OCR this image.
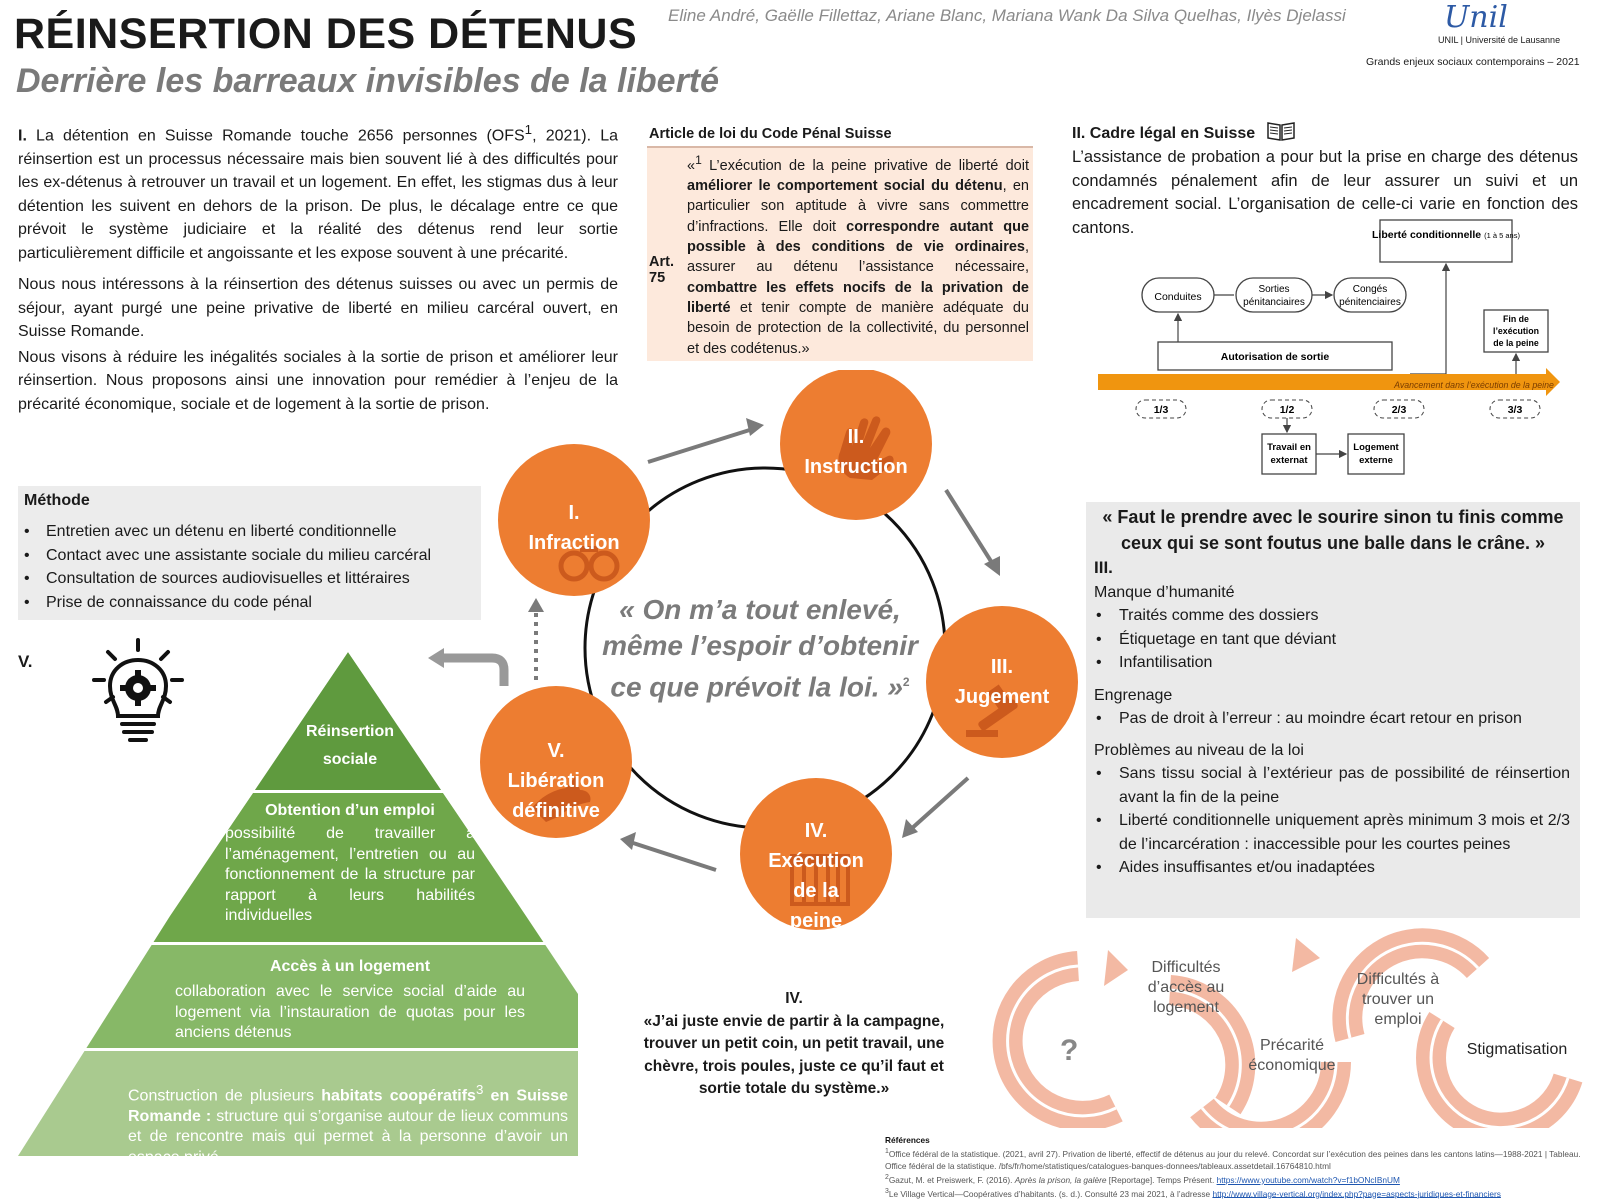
RÉINSERTION DES DÉTENUS
Derrière les barreaux invisibles de la liberté
Eline André, Gaëlle Fillettaz, Ariane Blanc, Mariana Wank Da Silva Quelhas, Ilyès Djelassi	Unil
UNIL | Université de Lausanne
Grands enjeux sociaux contemporains – 2021

I. La détention en Suisse Romande touche 2656 personnes (OFS$^1$, 2021). La réinsertion est un processus nécessaire mais bien souvent lié à des difficultés pour les ex-détenus à retrouver un travail et un logement. En effet, les stigmas dus à leur détention les suivent en dehors de la prison. De plus, le décalage entre ce que prévoit le système judiciaire et la réalité des détenus rend leur sortie particulièrement difficile et angoissante et les expose souvent à une précarité.

Nous nous intéressons à la réinsertion des détenus suisses ou avec un permis de séjour, ayant purgé une peine privative de liberté en milieu carcéral ouvert, en Suisse Romande.

Nous visons à réduire les inégalités sociales à la sortie de prison et améliorer leur réinsertion. Nous proposons ainsi une innovation pour remédier à l’enjeu de la précarité économique, sociale et de logement à la sortie de prison.

Article de loi du Code Pénal Suisse
Art. 75
«$^1$ L’exécution de la peine privative de liberté doit améliorer le comportement social du détenu, en particulier son aptitude à vivre sans commettre d’infractions. Elle doit correspondre autant que possible à des conditions de vie ordinaires, assurer au détenu l’assistance nécessaire, combattre les effets nocifs de la privation de liberté et tenir compte de manière adéquate du besoin de protection de la collectivité, du personnel et des codétenus.»
II. Cadre légal en Suisse
L’assistance de probation a pour but la prise en charge des détenus condamnés pénalement afin de leur assurer un suivi et un encadrement social. L’organisation de celle-ci varie en fonction des cantons.	Liberté conditionnelle (1 à 5 ans)
Conduites
Sorties
pénitanciaires
Congés
pénitenciaires
Fin de
l’exécution
de la peine
Autorisation de sortie
Avancement dans l’exécution de la peine
1/3	1/2	2/3	3/3
Travail en
externat
Logement
externe
Méthode
• Entretien avec un détenu en liberté conditionnelle
• Contact avec une assistante sociale du milieu carcéral
• Consultation de sources audiovisuelles et littéraires
• Prise de connaissance du code pénal
V.
Réinsertion
sociale
Obtention d’un emploi
possibilité de travailler à l’aménagement, l’entretien ou au fonctionnement de la structure par rapport à leurs habilités individuelles
Accès à un logement
collaboration avec le service social d’aide au logement via l’instauration de quotas pour les anciens détenus
Construction de plusieurs habitats coopératifs$^3$ en Suisse Romande : structure qui s’organise autour de lieux communs et de rencontre mais qui permet à la personne d’avoir un espace privé
« On m’a tout enlevé, même l’espoir d’obtenir ce que prévoit la loi. »$^2$
I.
Infraction
II.
Instruction
III.
Jugement
IV.
Exécution
de la
peine
V.
Libération
définitive
« Faut le prendre avec le sourire sinon tu finis comme ceux qui se sont foutus une balle dans le crâne. »
III.
Manque d’humanité
• Traités comme des dossiers
• Étiquetage en tant que déviant
• Infantilisation
Engrenage
• Pas de droit à l’erreur : au moindre écart retour en prison
Problèmes au niveau de la loi
• Sans tissu social à l’extérieur pas de possibilité de réinsertion avant la fin de la peine
• Liberté conditionnelle uniquement après minimum 3 mois et 2/3 de l’incarcération : inaccessible pour les courtes peines
• Aides insuffisantes et/ou inadaptées
IV.
«J’ai juste envie de partir à la campagne, trouver un petit coin, un petit travail, une chèvre, trois poules, juste ce qu’il faut et sortie totale du système.»
?
Difficultés d’accès au logement
Précarité économique
Difficultés à trouver un emploi
Stigmatisation
Références
$^1$Office fédéral de la statistique. (2021, avril 27). Privation de liberté, effectif de détenus au jour du relevé. Concordat sur l’exécution des peines dans les cantons latins—1988-2021 | Tableau. Office fédéral de la statistique. /bfs/fr/home/statistiques/catalogues-banques-donnees/tableaux.assetdetail.16764810.html
$^2$Gazut, M. et Preiswerk, F. (2016). Après la prison, la galère [Reportage]. Temps Présent. https://www.youtube.com/watch?v=f1bONcIBnUM
$^3$Le Village Vertical—Coopératives d’habitants. (s. d.). Consulté 23 mai 2021, à l’adresse http://www.village-vertical.org/index.php?page=aspects-juridiques-et-financiers
